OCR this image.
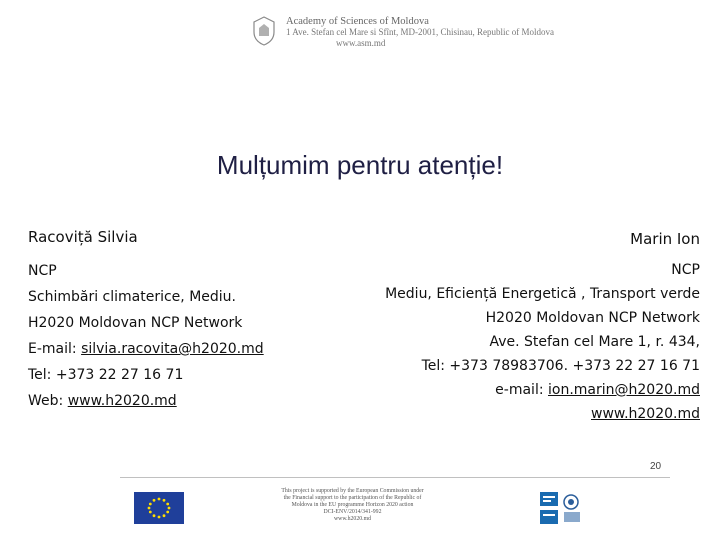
Academy of Sciences of Moldova
1 Ave. Stefan cel Mare si Sfînt, MD-2001, Chisinau, Republic of Moldova
www.asm.md
Mulțumim pentru atenție!
Racoviță Silvia
NCP
Schimbări climaterice, Mediu.
H2020 Moldovan NCP Network
E-mail: silvia.racovita@h2020.md
Tel: +373 22 27 16 71
Web: www.h2020.md
Marin Ion
NCP
Mediu, Eficiență Energetică , Transport verde
H2020 Moldovan NCP Network
Ave. Stefan cel Mare 1, r. 434,
Tel: +373 78983706. +373 22 27 16 71
e-mail: ion.marin@h2020.md
www.h2020.md
20
This project is supported by the European Commission under
the Financial support to the participation of the Republic of
Moldova in the EU programme Horizon 2020 action
DCI-ENV/2014/341-992
www.h2020.md
